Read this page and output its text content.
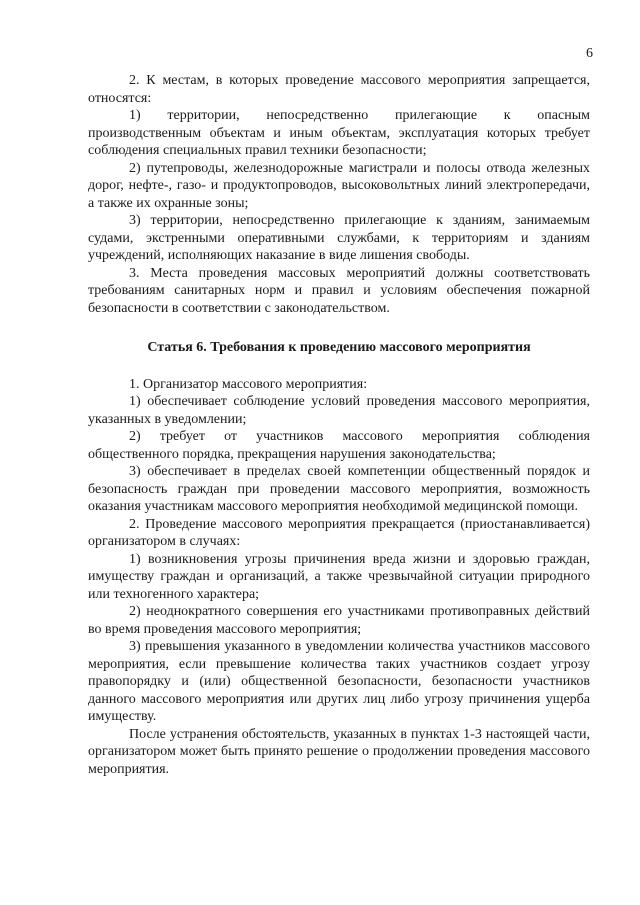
6

2. К местам, в которых проведение массового мероприятия запрещается, относятся:

1) территории, непосредственно прилегающие к опасным производственным объектам и иным объектам, эксплуатация которых требует соблюдения специальных правил техники безопасности;

2) путепроводы, железнодорожные магистрали и полосы отвода железных дорог, нефте-, газо- и продуктопроводов, высоковольтных линий электропередачи, а также их охранные зоны;

3) территории, непосредственно прилегающие к зданиям, занимаемым судами, экстренными оперативными службами, к территориям и зданиям учреждений, исполняющих наказание в виде лишения свободы.

3. Места проведения массовых мероприятий должны соответствовать требованиям санитарных норм и правил и условиям обеспечения пожарной безопасности в соответствии с законодательством.

Статья 6. Требования к проведению массового мероприятия

1. Организатор массового мероприятия:

1) обеспечивает соблюдение условий проведения массового мероприятия, указанных в уведомлении;

2) требует от участников массового мероприятия соблюдения общественного порядка, прекращения нарушения законодательства;

3) обеспечивает в пределах своей компетенции общественный порядок и безопасность граждан при проведении массового мероприятия, возможность оказания участникам массового мероприятия необходимой медицинской помощи.

2. Проведение массового мероприятия прекращается (приостанавливается) организатором в случаях:

1) возникновения угрозы причинения вреда жизни и здоровью граждан, имуществу граждан и организаций, а также чрезвычайной ситуации природного или техногенного характера;

2) неоднократного совершения его участниками противоправных действий во время проведения массового мероприятия;

3) превышения указанного в уведомлении количества участников массового мероприятия, если превышение количества таких участников создает угрозу правопорядку и (или) общественной безопасности, безопасности участников данного массового мероприятия или других лиц либо угрозу причинения ущерба имуществу.

После устранения обстоятельств, указанных в пунктах 1-3 настоящей части, организатором может быть принято решение о продолжении проведения массового мероприятия.
